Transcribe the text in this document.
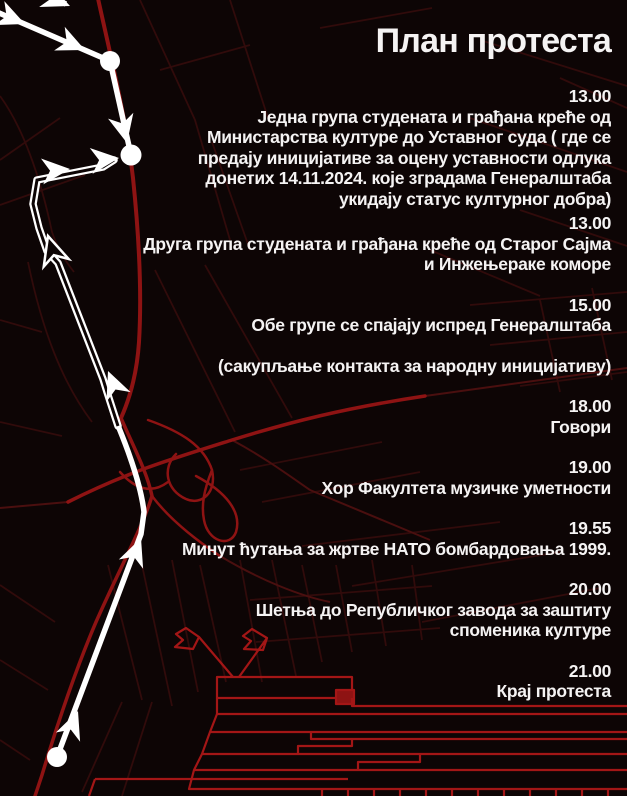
План протеста
13.00
Једна група студената и грађана креће од Министарства културе до Уставног суда ( где се предају иницијативе за оцену уставности одлука донетих 14.11.2024. које зградама Генералштаба укидају статус културног добра)
13.00
Друга група студената и грађана креће од Старог Сајма и Инжењераке коморе
15.00
Обе групе се спајају испред Генералштаба
(сакупљање контакта за народну иницијативу)
18.00
Говори
19.00
Хор Факултета музичке уметности
19.55
Минут ћутања за жртве НАТО бомбардовања 1999.
20.00
Шетња до Републичког завода за заштиту споменика културе
21.00
Крај протеста
